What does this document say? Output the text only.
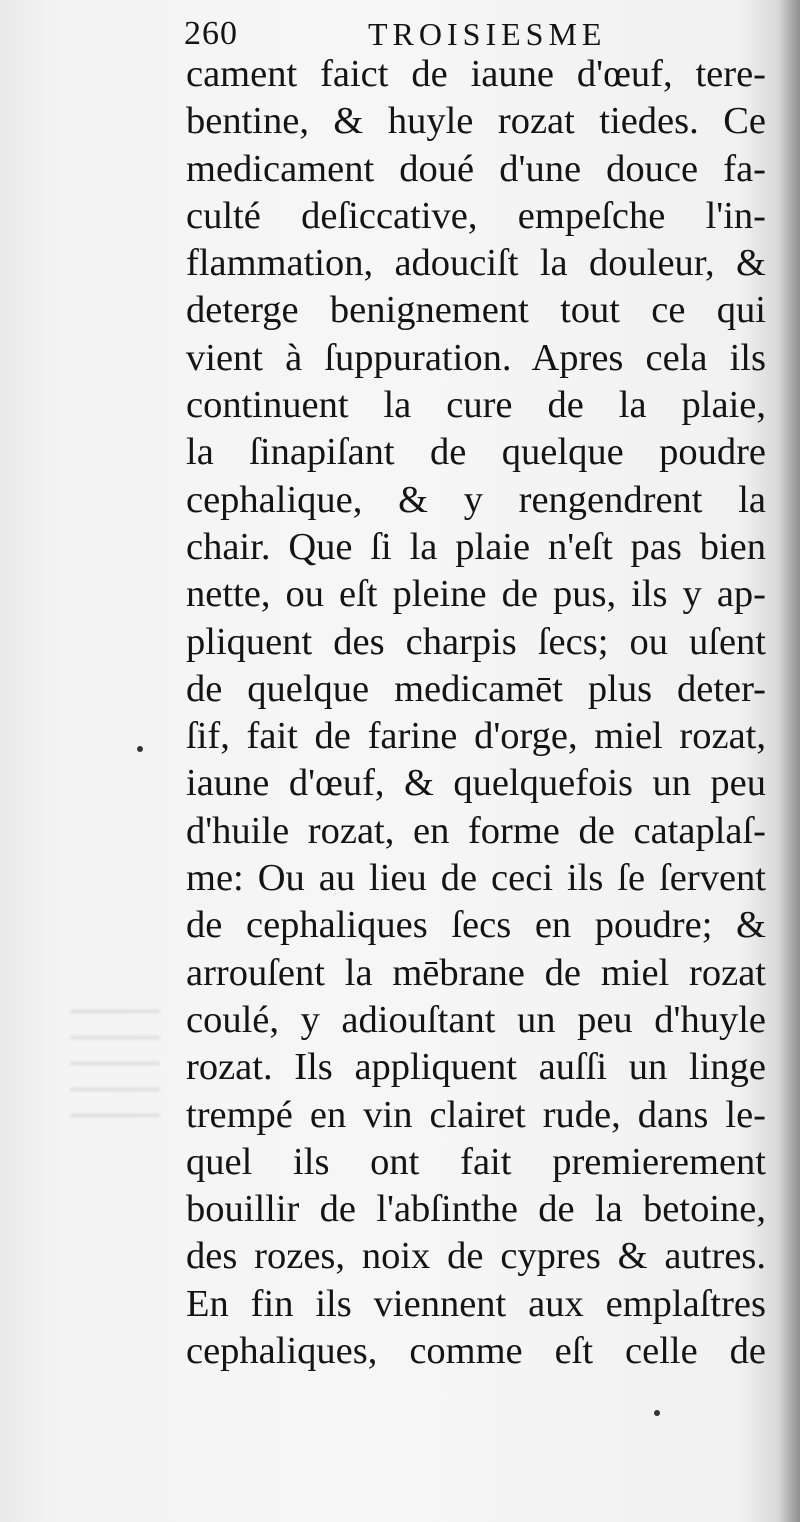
260	TROISIESME
cament faict de iaune d'œuf, tere-
bentine, & huyle rozat tiedes. Ce
medicament doué d'une douce fa-
culté deſiccative, empeſche l'in-
flammation, adouciſt la douleur, &
deterge benignement tout ce qui
vient à ſuppuration. Apres cela ils
continuent la cure de la plaie,
la ſinapiſant de quelque poudre
cephalique, & y rengendrent la
chair. Que ſi la plaie n'eſt pas bien
nette, ou eſt pleine de pus, ils y ap-
pliquent des charpis ſecs; ou uſent
de quelque medicamēt plus deter-
ſif, fait de farine d'orge, miel rozat,
iaune d'œuf, & quelquefois un peu
d'huile rozat, en forme de cataplaſ-
me: Ou au lieu de ceci ils ſe ſervent
de cephaliques ſecs en poudre; &
arrouſent la mēbrane de miel rozat
coulé, y adiouſtant un peu d'huyle
rozat. Ils appliquent auſſi un linge
trempé en vin clairet rude, dans le-
quel ils ont fait premierement
bouillir de l'abſinthe de la betoine,
des rozes, noix de cypres & autres.
En fin ils viennent aux emplaſtres
cephaliques, comme eſt celle de
